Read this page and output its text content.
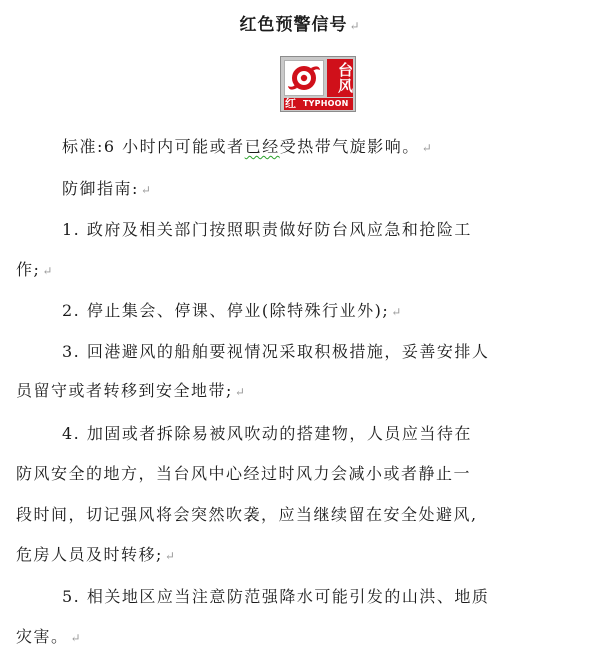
红色预警信号 ↵
台风
红 TYPHOON
标准:6 小时内可能或者已经受热带气旋影响。 ↵
防御指南: ↵
1. 政府及相关部门按照职责做好防台风应急和抢险工
作; ↵
2. 停止集会、停课、停业(除特殊行业外); ↵
3. 回港避风的船舶要视情况采取积极措施，妥善安排人
员留守或者转移到安全地带; ↵
4. 加固或者拆除易被风吹动的搭建物，人员应当待在
防风安全的地方，当台风中心经过时风力会减小或者静止一
段时间，切记强风将会突然吹袭，应当继续留在安全处避风,
危房人员及时转移; ↵
5. 相关地区应当注意防范强降水可能引发的山洪、地质
灾害。 ↵
